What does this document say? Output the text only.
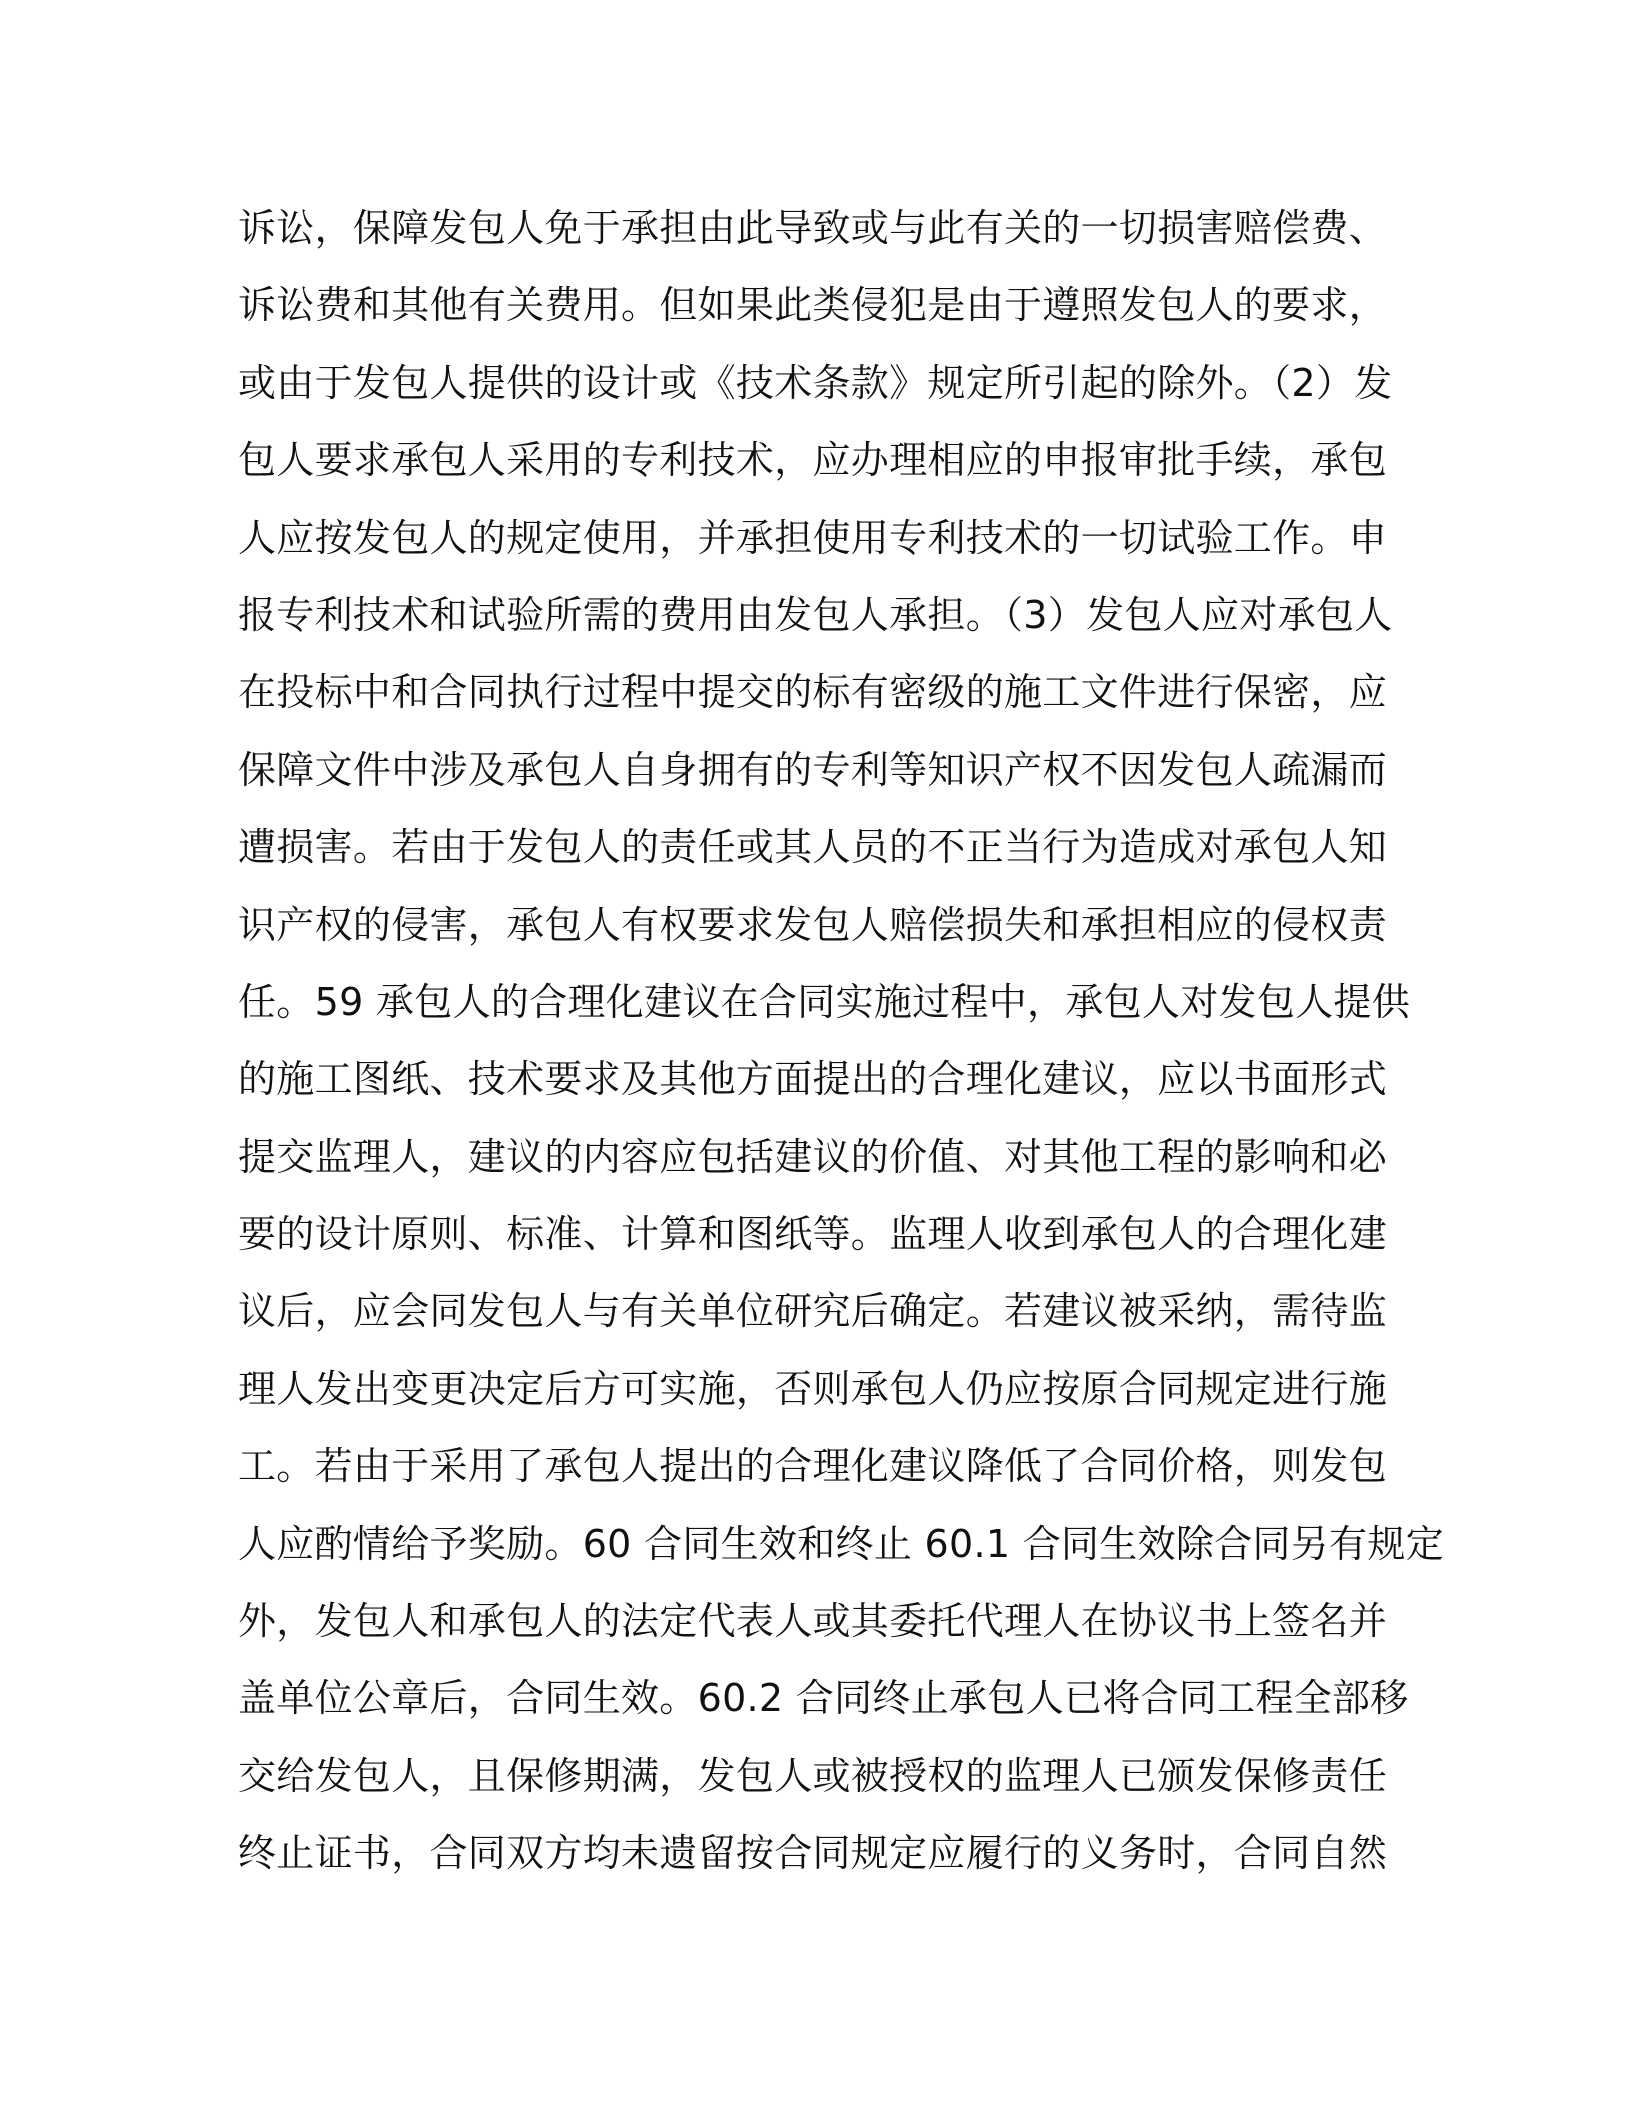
诉讼，保障发包人免于承担由此导致或与此有关的一切损害赔偿费、
诉讼费和其他有关费用。但如果此类侵犯是由于遵照发包人的要求，
或由于发包人提供的设计或《技术条款》规定所引起的除外。（2）发
包人要求承包人采用的专利技术，应办理相应的申报审批手续，承包
人应按发包人的规定使用，并承担使用专利技术的一切试验工作。申
报专利技术和试验所需的费用由发包人承担。（3）发包人应对承包人
在投标中和合同执行过程中提交的标有密级的施工文件进行保密，应
保障文件中涉及承包人自身拥有的专利等知识产权不因发包人疏漏而
遭损害。若由于发包人的责任或其人员的不正当行为造成对承包人知
识产权的侵害，承包人有权要求发包人赔偿损失和承担相应的侵权责
任。59 承包人的合理化建议在合同实施过程中，承包人对发包人提供
的施工图纸、技术要求及其他方面提出的合理化建议，应以书面形式
提交监理人，建议的内容应包括建议的价值、对其他工程的影响和必
要的设计原则、标准、计算和图纸等。监理人收到承包人的合理化建
议后，应会同发包人与有关单位研究后确定。若建议被采纳，需待监
理人发出变更决定后方可实施，否则承包人仍应按原合同规定进行施
工。若由于采用了承包人提出的合理化建议降低了合同价格，则发包
人应酌情给予奖励。60 合同生效和终止 60.1 合同生效除合同另有规定
外，发包人和承包人的法定代表人或其委托代理人在协议书上签名并
盖单位公章后，合同生效。60.2 合同终止承包人已将合同工程全部移
交给发包人，且保修期满，发包人或被授权的监理人已颁发保修责任
终止证书，合同双方均未遗留按合同规定应履行的义务时，合同自然
